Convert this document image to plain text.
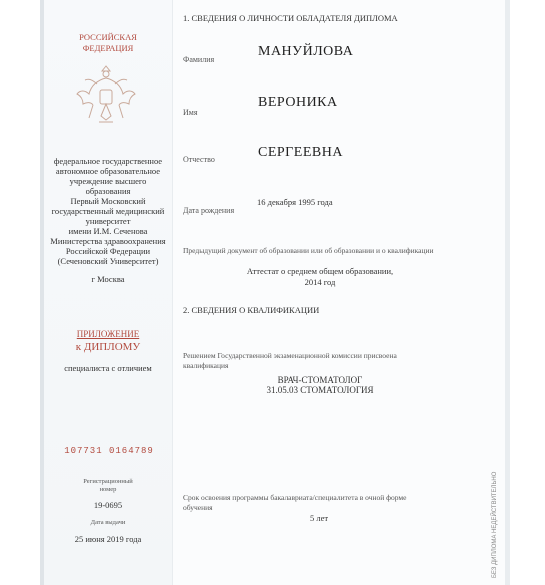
РОССИЙСКАЯ
ФЕДЕРАЦИЯ
федеральное государственное
автономное образовательное
учреждение высшего
образования
Первый Московский
государственный медицинский
университет
имени И.М. Сеченова
Министерства здравоохранения
Российской Федерации
(Сеченовский Университет)
г Москва
ПРИЛОЖЕНИЕ
к ДИПЛОМУ
специалиста с отличием
107731 0164789
Регистрационный
номер
19-0695
Дата выдачи
25 июня 2019 года
1. СВЕДЕНИЯ О ЛИЧНОСТИ ОБЛАДАТЕЛЯ ДИПЛОМА
Фамилия
МАНУЙЛОВА
Имя
ВЕРОНИКА
Отчество	СЕРГЕЕВНА
Дата рождения
16 декабря 1995 года
Предыдущий документ об образовании или об образовании и о квалификации
Аттестат о среднем общем образовании,
2014 год
2. СВЕДЕНИЯ О КВАЛИФИКАЦИИ
Решением Государственной экзаменационной комиссии присвоена
квалификация
ВРАЧ-СТОМАТОЛОГ
31.05.03 СТОМАТОЛОГИЯ
Срок освоения программы бакалавриата/специалитета в очной форме
обучения
5 лет	БЕЗ ДИПЛОМА НЕДЕЙСТВИТЕЛЬНО
